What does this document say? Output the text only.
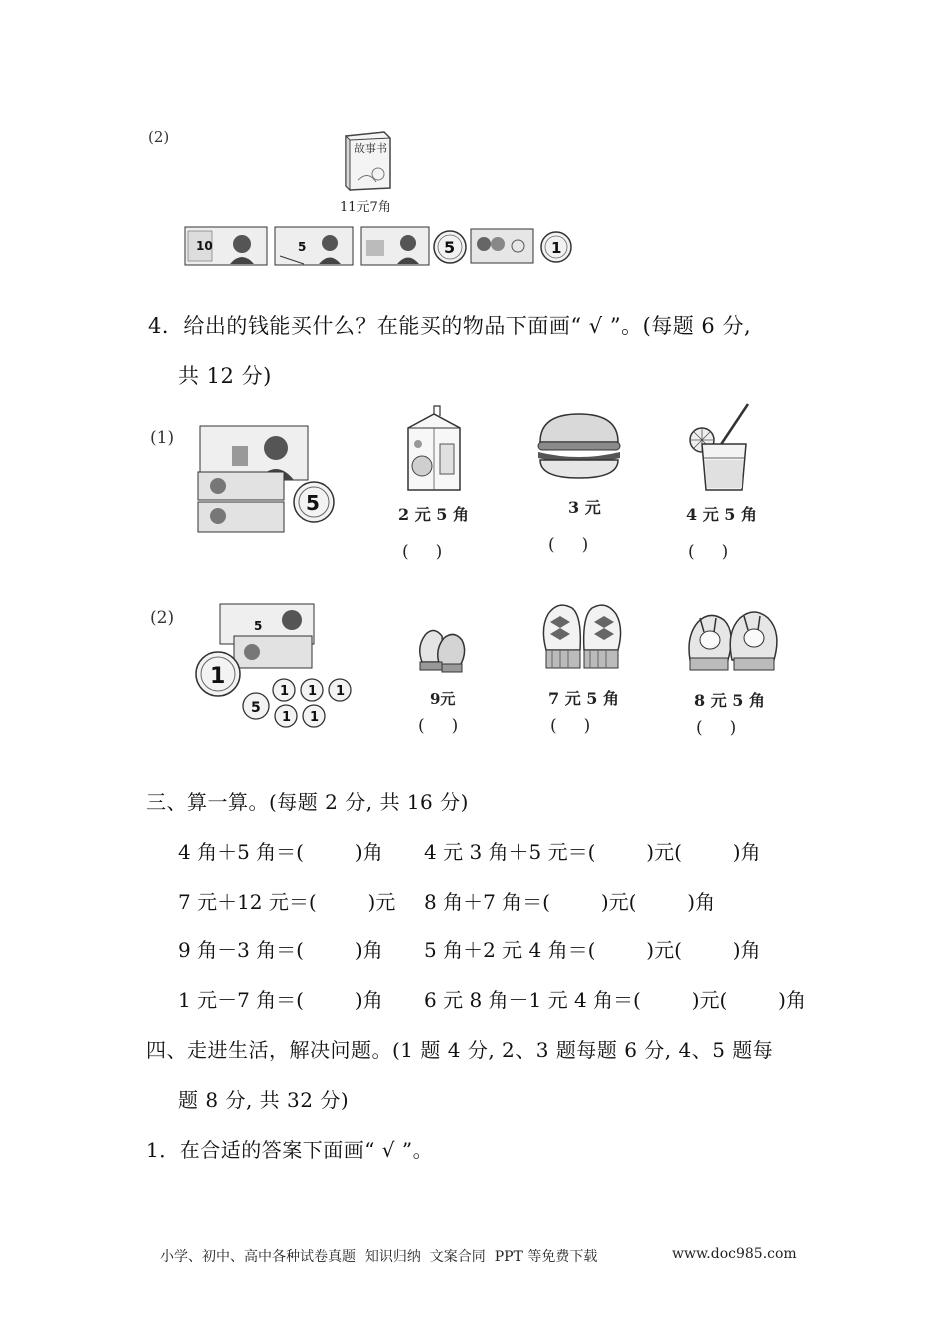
(2)
故事书
11元7角
10	5	5	1
4．给出的钱能买什么？在能买的物品下面画“ √ ”。(每题 6 分,
共 12 分)
(1)
5	2 元 5 角
(     )
3 元
(     )
4 元 5 角
(     )
(2)	5
1
5
1 1 1
1 1
9元
(     )
7 元 5 角
(     )
8 元 5 角
(     )
三、算一算。(每题 2 分, 共 16 分)
4 角＋5 角＝(        )角 4 元 3 角＋5 元＝(        )元(        )角
7 元＋12 元＝(        )元 8 角＋7 角＝(        )元(        )角
9 角－3 角＝(        )角 5 角＋2 元 4 角＝(        )元(        )角
1 元－7 角＝(        )角 6 元 8 角－1 元 4 角＝(        )元(        )角
四、走进生活，解决问题。(1 题 4 分, 2、3 题每题 6 分, 4、5 题每
题 8 分, 共 32 分)
1．在合适的答案下面画“ √ ”。
小学、初中、高中各种试卷真题  知识归纳  文案合同  PPT 等免费下载	www.doc985.com
